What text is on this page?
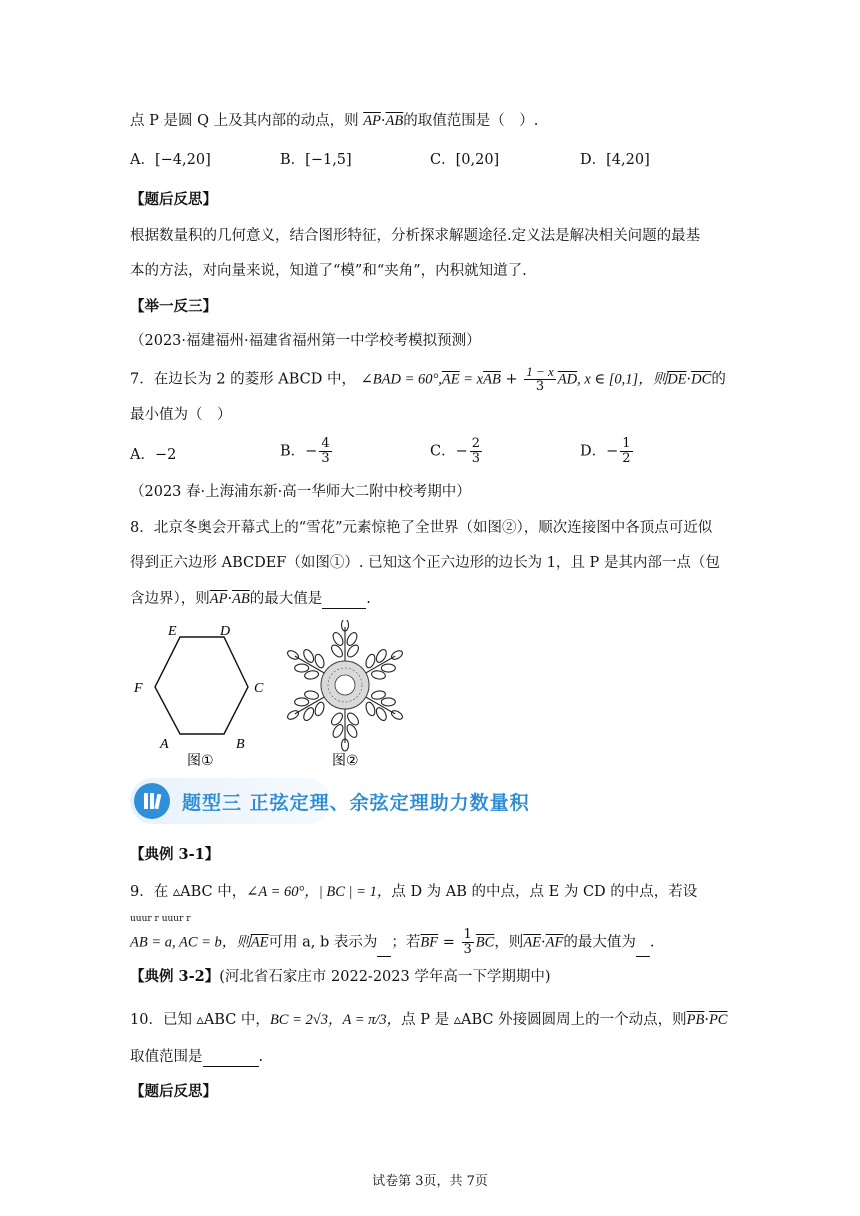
点 P 是圆 Q 上及其内部的动点，则 $\overline{AP}\cdot\overline{AB}$的取值范围是（　）.
A．[−4,20]	B．[−1,5]	C．[0,20]	D．[4,20]
【题后反思】
根据数量积的几何意义，结合图形特征，分析探求解题途径.定义法是解决相关问题的最基
本的方法，对向量来说，知道了“模”和“夹角”，内积就知道了.
【举一反三】
（2023·福建福州·福建省福州第一中学校考模拟预测）
7．在边长为 2 的菱形 ABCD 中， ∠BAD = $60^\circ,\overline{AE} = x\overline{AB} + \frac{1 - x}{3} \overline{AD}$, x ∈ [0,1]，则$\overline{DE}\cdot\overline{DC}$的
最小值为（　）
A．−2	B．− $\frac{4}{3}$	C．− $\frac{2}{3}$	D．− $\frac{1}{2}$
（2023 春·上海浦东新·高一华师大二附中校考期中）
8．北京冬奥会开幕式上的“雪花”元素惊艳了全世界（如图②），顺次连接图中各顶点可近似
得到正六边形 ABCDEF（如图①）. 已知这个正六边形的边长为 1，且 P 是其内部一点（包
含边界），则$\overline{AP}\cdot\overline{AB}$的最大值是	.
E	D
F	C
A	B
图①	图②
题型三 正弦定理、余弦定理助力数量积
【典例 3-1】
9．在 ▵ABC 中，∠A = 60°，| BC | = 1，点 D 为 AB 的中点，点 E 为 CD 的中点，若设
uuur r uuur r
AB = a, AC = b，则$\overline{AE}$可用 a, b 表示为 ；若$\overline{BF} = \frac{1}{3} \overline{BC}$，则$\overline{AE}\cdot\overline{AF}$的最大值为 .
【典例 3-2】(河北省石家庄市 2022-2023 学年高一下学期期中)
10．已知 ▵ABC 中，BC = 2√3，A = π/3，点 P 是 ▵ABC 外接圆圆周上的一个动点，则$\overline{PB}\cdot\overline{PC}$
取值范围是	.
【题后反思】
试卷第 3页，共 7页
